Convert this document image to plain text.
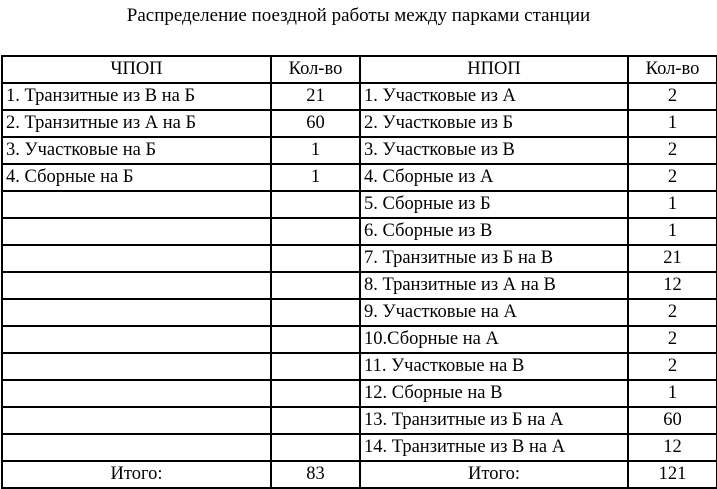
Распределение поездной работы между парками станции
ЧПОП	Кол-во	НПОП	Кол-во
1. Транзитные из В на Б	21	1. Участковые из А	2
2. Транзитные из А на Б	60	2. Участковые из Б	1
3. Участковые на Б	1	3. Участковые из В	2
4. Сборные на Б	1	4. Сборные из А	2
		5. Сборные из Б	1
		6. Сборные из В	1
		7. Транзитные из Б на В	21
		8. Транзитные из А на В	12
		9. Участковые на А	2
		10.Сборные на А	2
		11. Участковые на В	2
		12. Сборные на В	1
		13. Транзитные из Б на А	60
		14. Транзитные из В на А	12
Итого:	83	Итого:	121
